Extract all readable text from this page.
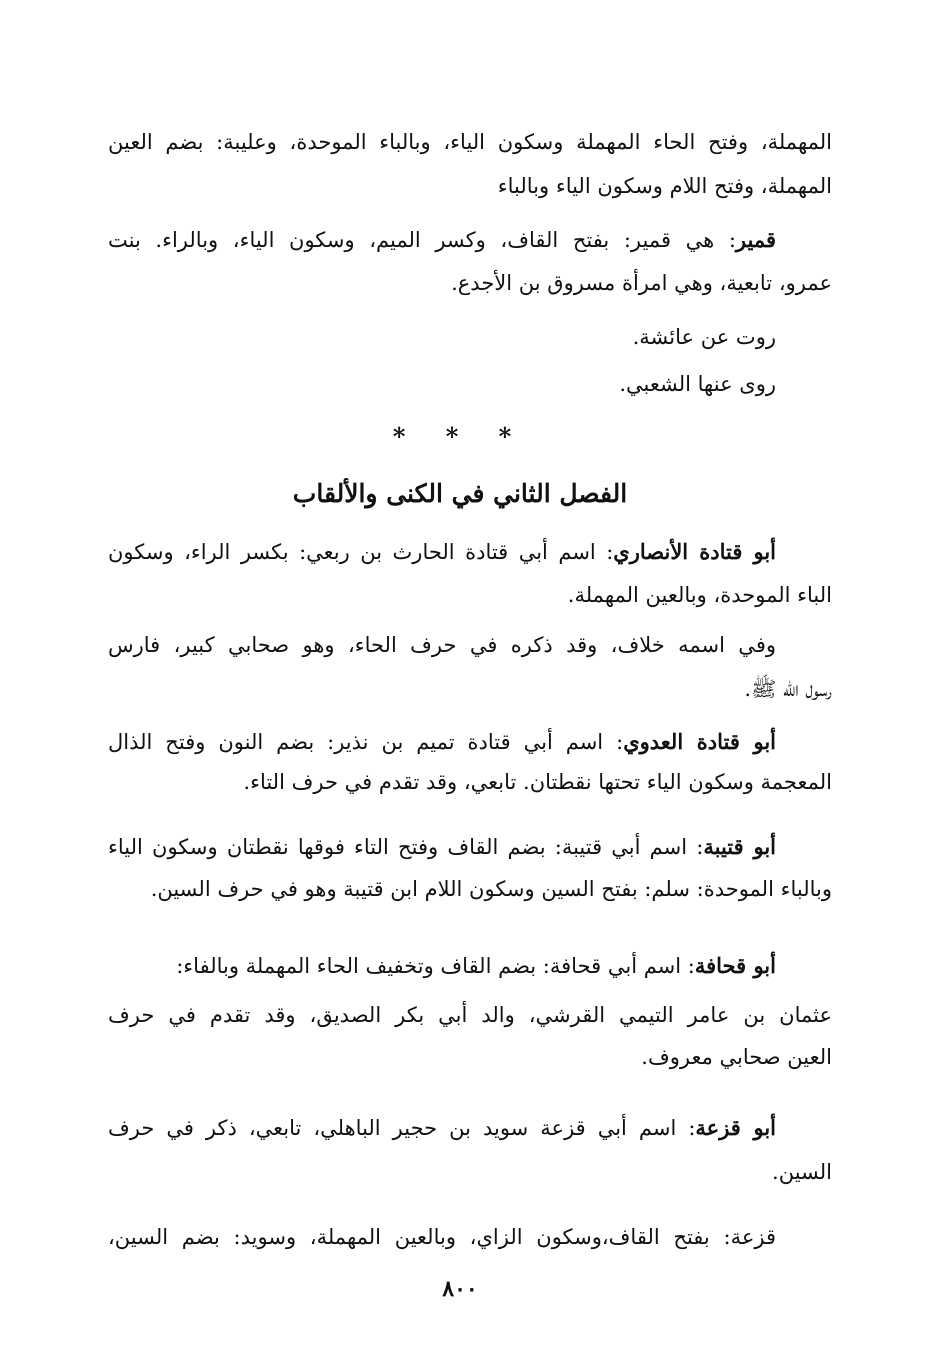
المهملة، وفتح الحاء المهملة وسكون الياء، وبالباء الموحدة، وعليبة: بضم العين
المهملة، وفتح اللام وسكون الياء وبالباء
قمير: هي قمير: بفتح القاف، وكسر الميم، وسكون الياء، وبالراء. بنت
عمرو، تابعية، وهي امرأة مسروق بن الأجدع.
روت عن عائشة.
روى عنها الشعبي.
* * *
الفصل الثاني في الكنى والألقاب
أبو قتادة الأنصاري: اسم أبي قتادة الحارث بن ربعي: بكسر الراء، وسكون
الباء الموحدة، وبالعين المهملة.
وفي اسمه خلاف، وقد ذكره في حرف الحاء، وهو صحابي كبير، فارس
رسول الله ﷺ.
أبو قتادة العدوي: اسم أبي قتادة تميم بن نذير: بضم النون وفتح الذال
المعجمة وسكون الياء تحتها نقطتان. تابعي، وقد تقدم في حرف التاء.
أبو قتيبة: اسم أبي قتيبة: بضم القاف وفتح التاء فوقها نقطتان وسكون الياء
وبالباء الموحدة: سلم: بفتح السين وسكون اللام ابن قتيبة وهو في حرف السين.
أبو قحافة: اسم أبي قحافة: بضم القاف وتخفيف الحاء المهملة وبالفاء:
عثمان بن عامر التيمي القرشي، والد أبي بكر الصديق، وقد تقدم في حرف
العين صحابي معروف.
أبو قزعة: اسم أبي قزعة سويد بن حجير الباهلي، تابعي، ذكر في حرف
السين.
قزعة: بفتح القاف،وسكون الزاي، وبالعين المهملة، وسويد: بضم السين،
٨٠٠
